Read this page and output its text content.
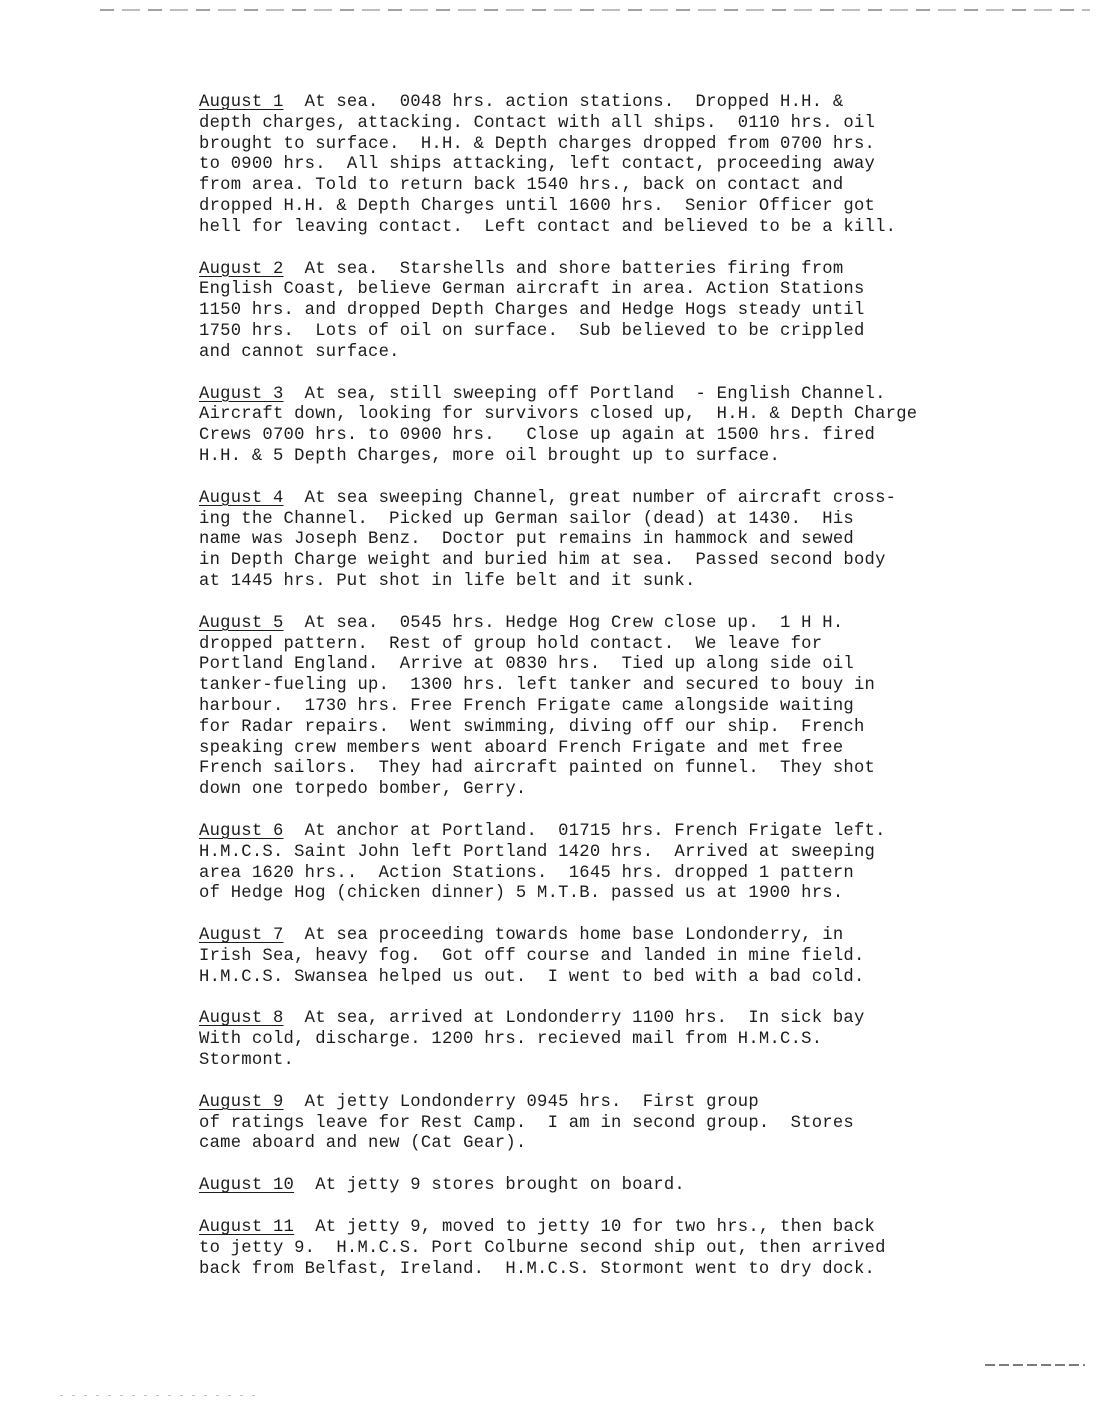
August 1  At sea.  0048 hrs. action stations.  Dropped H.H. &
depth charges, attacking. Contact with all ships.  0110 hrs. oil
brought to surface.  H.H. & Depth charges dropped from 0700 hrs.
to 0900 hrs.  All ships attacking, left contact, proceeding away
from area. Told to return back 1540 hrs., back on contact and
dropped H.H. & Depth Charges until 1600 hrs.  Senior Officer got
hell for leaving contact.  Left contact and believed to be a kill.
August 2  At sea.  Starshells and shore batteries firing from
English Coast, believe German aircraft in area. Action Stations
1150 hrs. and dropped Depth Charges and Hedge Hogs steady until
1750 hrs.  Lots of oil on surface.  Sub believed to be crippled
and cannot surface.
August 3  At sea, still sweeping off Portland  - English Channel.
Aircraft down, looking for survivors closed up,  H.H. & Depth Charge
Crews 0700 hrs. to 0900 hrs.   Close up again at 1500 hrs. fired
H.H. & 5 Depth Charges, more oil brought up to surface.
August 4  At sea sweeping Channel, great number of aircraft cross-
ing the Channel.  Picked up German sailor (dead) at 1430.  His
name was Joseph Benz.  Doctor put remains in hammock and sewed
in Depth Charge weight and buried him at sea.  Passed second body
at 1445 hrs. Put shot in life belt and it sunk.
August 5  At sea.  0545 hrs. Hedge Hog Crew close up.  1 H H.
dropped pattern.  Rest of group hold contact.  We leave for
Portland England.  Arrive at 0830 hrs.  Tied up along side oil
tanker-fueling up.  1300 hrs. left tanker and secured to bouy in
harbour.  1730 hrs. Free French Frigate came alongside waiting
for Radar repairs.  Went swimming, diving off our ship.  French
speaking crew members went aboard French Frigate and met free
French sailors.  They had aircraft painted on funnel.  They shot
down one torpedo bomber, Gerry.
August 6  At anchor at Portland.  01715 hrs. French Frigate left.
H.M.C.S. Saint John left Portland 1420 hrs.  Arrived at sweeping
area 1620 hrs..  Action Stations.  1645 hrs. dropped 1 pattern
of Hedge Hog (chicken dinner) 5 M.T.B. passed us at 1900 hrs.
August 7  At sea proceeding towards home base Londonderry, in
Irish Sea, heavy fog.  Got off course and landed in mine field.
H.M.C.S. Swansea helped us out.  I went to bed with a bad cold.
August 8  At sea, arrived at Londonderry 1100 hrs.  In sick bay
With cold, discharge. 1200 hrs. recieved mail from H.M.C.S.
Stormont.
August 9  At jetty Londonderry 0945 hrs.  First group
of ratings leave for Rest Camp.  I am in second group.  Stores
came aboard and new (Cat Gear).
August 10  At jetty 9 stores brought on board.
August 11  At jetty 9, moved to jetty 10 for two hrs., then back
to jetty 9.  H.M.C.S. Port Colburne second ship out, then arrived
back from Belfast, Ireland.  H.M.C.S. Stormont went to dry dock.
